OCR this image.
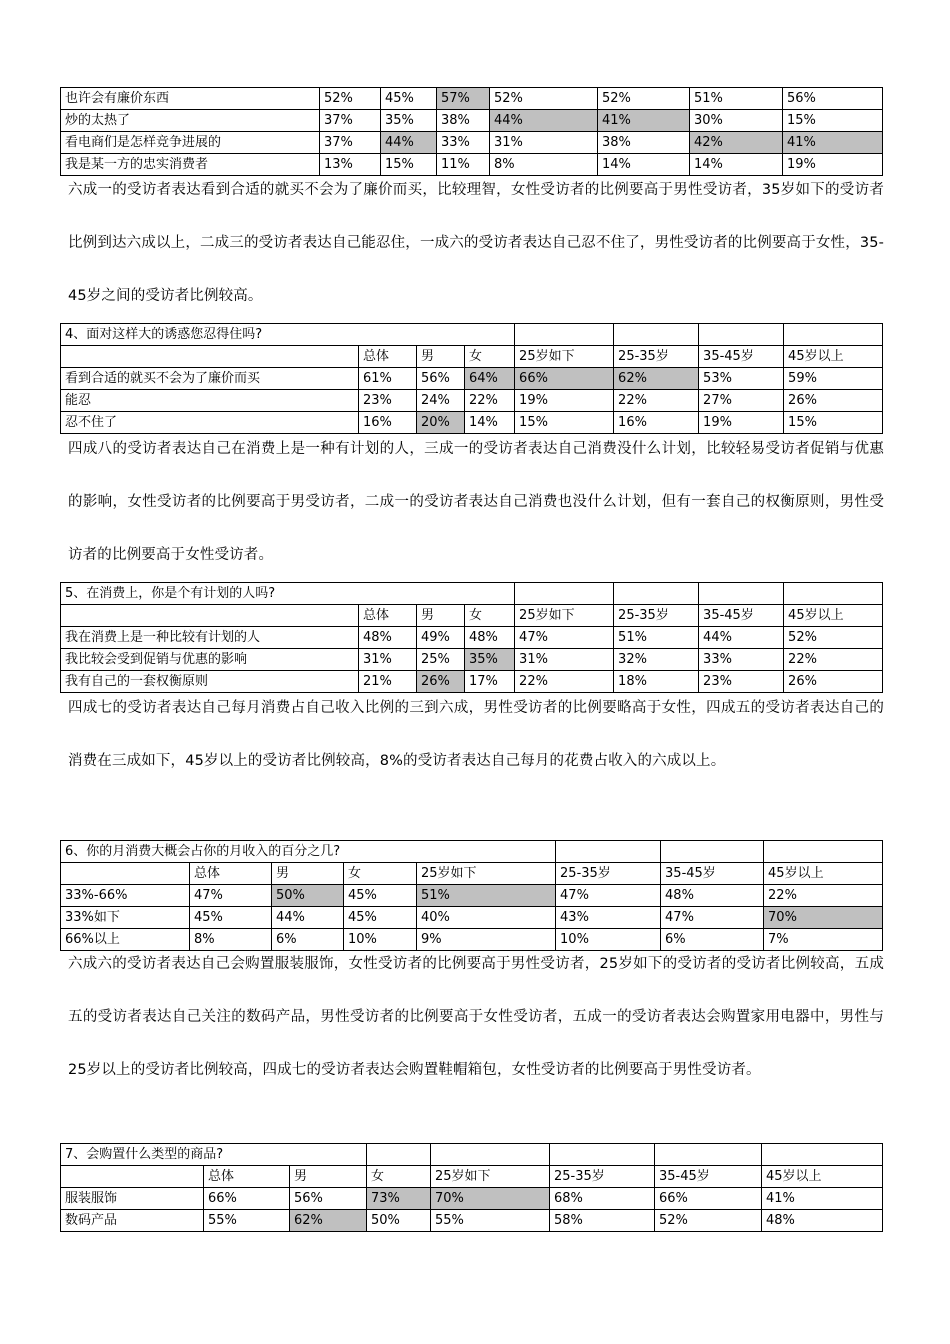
也许会有廉价东西	52%	45%	57%	52%	52%	51%	56%
炒的太热了	37%	35%	38%	44%	41%	30%	15%
看电商们是怎样竞争进展的	37%	44%	33%	31%	38%	42%	41%
我是某一方的忠实消费者	13%	15%	11%	8%	14%	14%	19%

六成一的受访者表达看到合适的就买不会为了廉价而买，比较理智，女性受访者的比例要高于男性受访者，35岁如下的受访者比例到达六成以上，二成三的受访者表达自己能忍住，一成六的受访者表达自己忍不住了，男性受访者的比例要高于女性，35-45岁之间的受访者比例较高。

4、面对这样大的诱惑您忍得住吗?							
	总体	男	女	25岁如下	25-35岁	35-45岁	45岁以上
看到合适的就买不会为了廉价而买	61%	56%	64%	66%	62%	53%	59%
能忍	23%	24%	22%	19%	22%	27%	26%
忍不住了	16%	20%	14%	15%	16%	19%	15%

四成八的受访者表达自己在消费上是一种有计划的人，三成一的受访者表达自己消费没什么计划，比较轻易受访者促销与优惠的影响，女性受访者的比例要高于男受访者，二成一的受访者表达自己消费也没什么计划，但有一套自己的权衡原则，男性受访者的比例要高于女性受访者。

5、在消费上，你是个有计划的人吗?							
	总体	男	女	25岁如下	25-35岁	35-45岁	45岁以上
我在消费上是一种比较有计划的人	48%	49%	48%	47%	51%	44%	52%
我比较会受到促销与优惠的影响	31%	25%	35%	31%	32%	33%	22%
我有自己的一套权衡原则	21%	26%	17%	22%	18%	23%	26%

四成七的受访者表达自己每月消费占自己收入比例的三到六成，男性受访者的比例要略高于女性，四成五的受访者表达自己的消费在三成如下，45岁以上的受访者比例较高，8%的受访者表达自己每月的花费占收入的六成以上。

6、你的月消费大概会占你的月收入的百分之几?							
	总体	男	女	25岁如下	25-35岁	35-45岁	45岁以上
33%-66%	47%	50%	45%	51%	47%	48%	22%
33%如下	45%	44%	45%	40%	43%	47%	70%
66%以上	8%	6%	10%	9%	10%	6%	7%

六成六的受访者表达自己会购置服装服饰，女性受访者的比例要高于男性受访者，25岁如下的受访者的受访者比例较高，五成五的受访者表达自己关注的数码产品，男性受访者的比例要高于女性受访者，五成一的受访者表达会购置家用电器中，男性与25岁以上的受访者比例较高，四成七的受访者表达会购置鞋帽箱包，女性受访者的比例要高于男性受访者。

7、会购置什么类型的商品?							
	总体	男	女	25岁如下	25-35岁	35-45岁	45岁以上
服装服饰	66%	56%	73%	70%	68%	66%	41%
数码产品	55%	62%	50%	55%	58%	52%	48%
